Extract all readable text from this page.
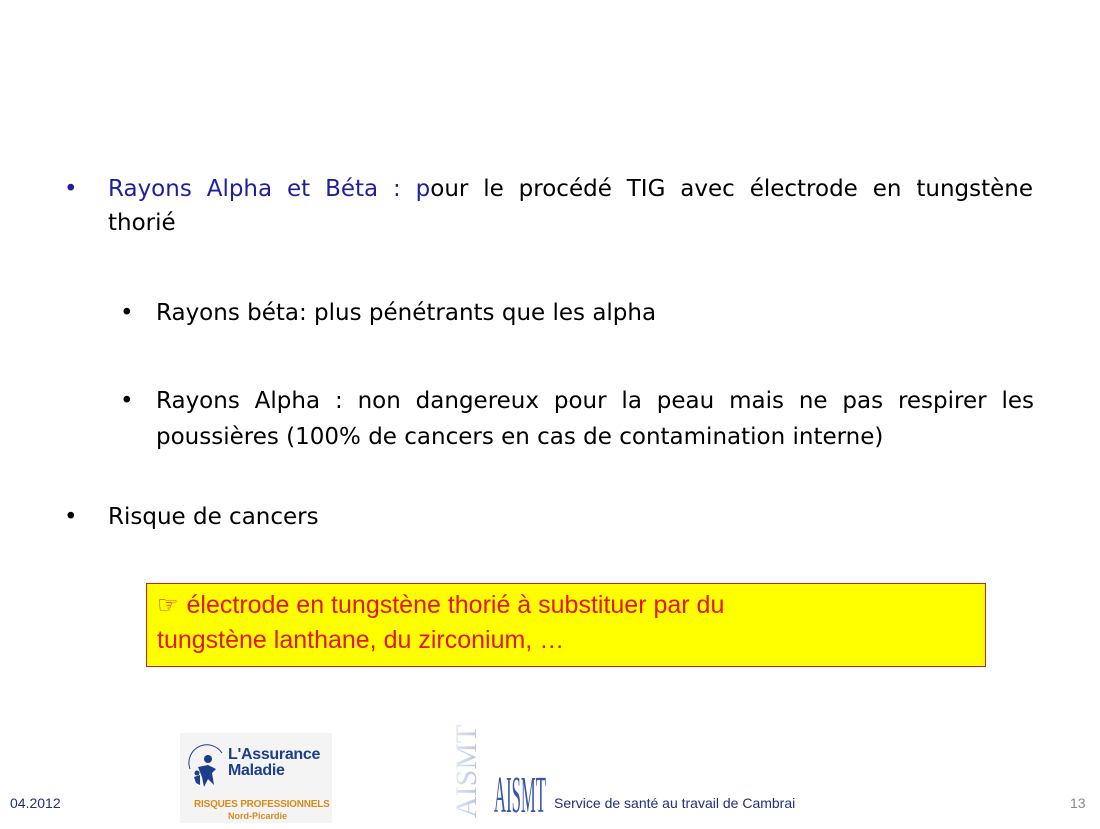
• Rayons Alpha et Béta : pour le procédé TIG avec électrode en tungstène
thorié
• Rayons béta: plus pénétrants que les alpha
• Rayons Alpha : non dangereux pour la peau mais ne pas respirer les
poussières (100% de cancers en cas de contamination interne)
• Risque de cancers
☞ électrode en tungstène thorié à substituer par du
tungstène lanthane, du zirconium, …
L'Assurance
Maladie
RISQUES PROFESSIONNELS
Nord-Picardie	AISMT AISMT
04.2012	Service de santé au travail de Cambrai	13
